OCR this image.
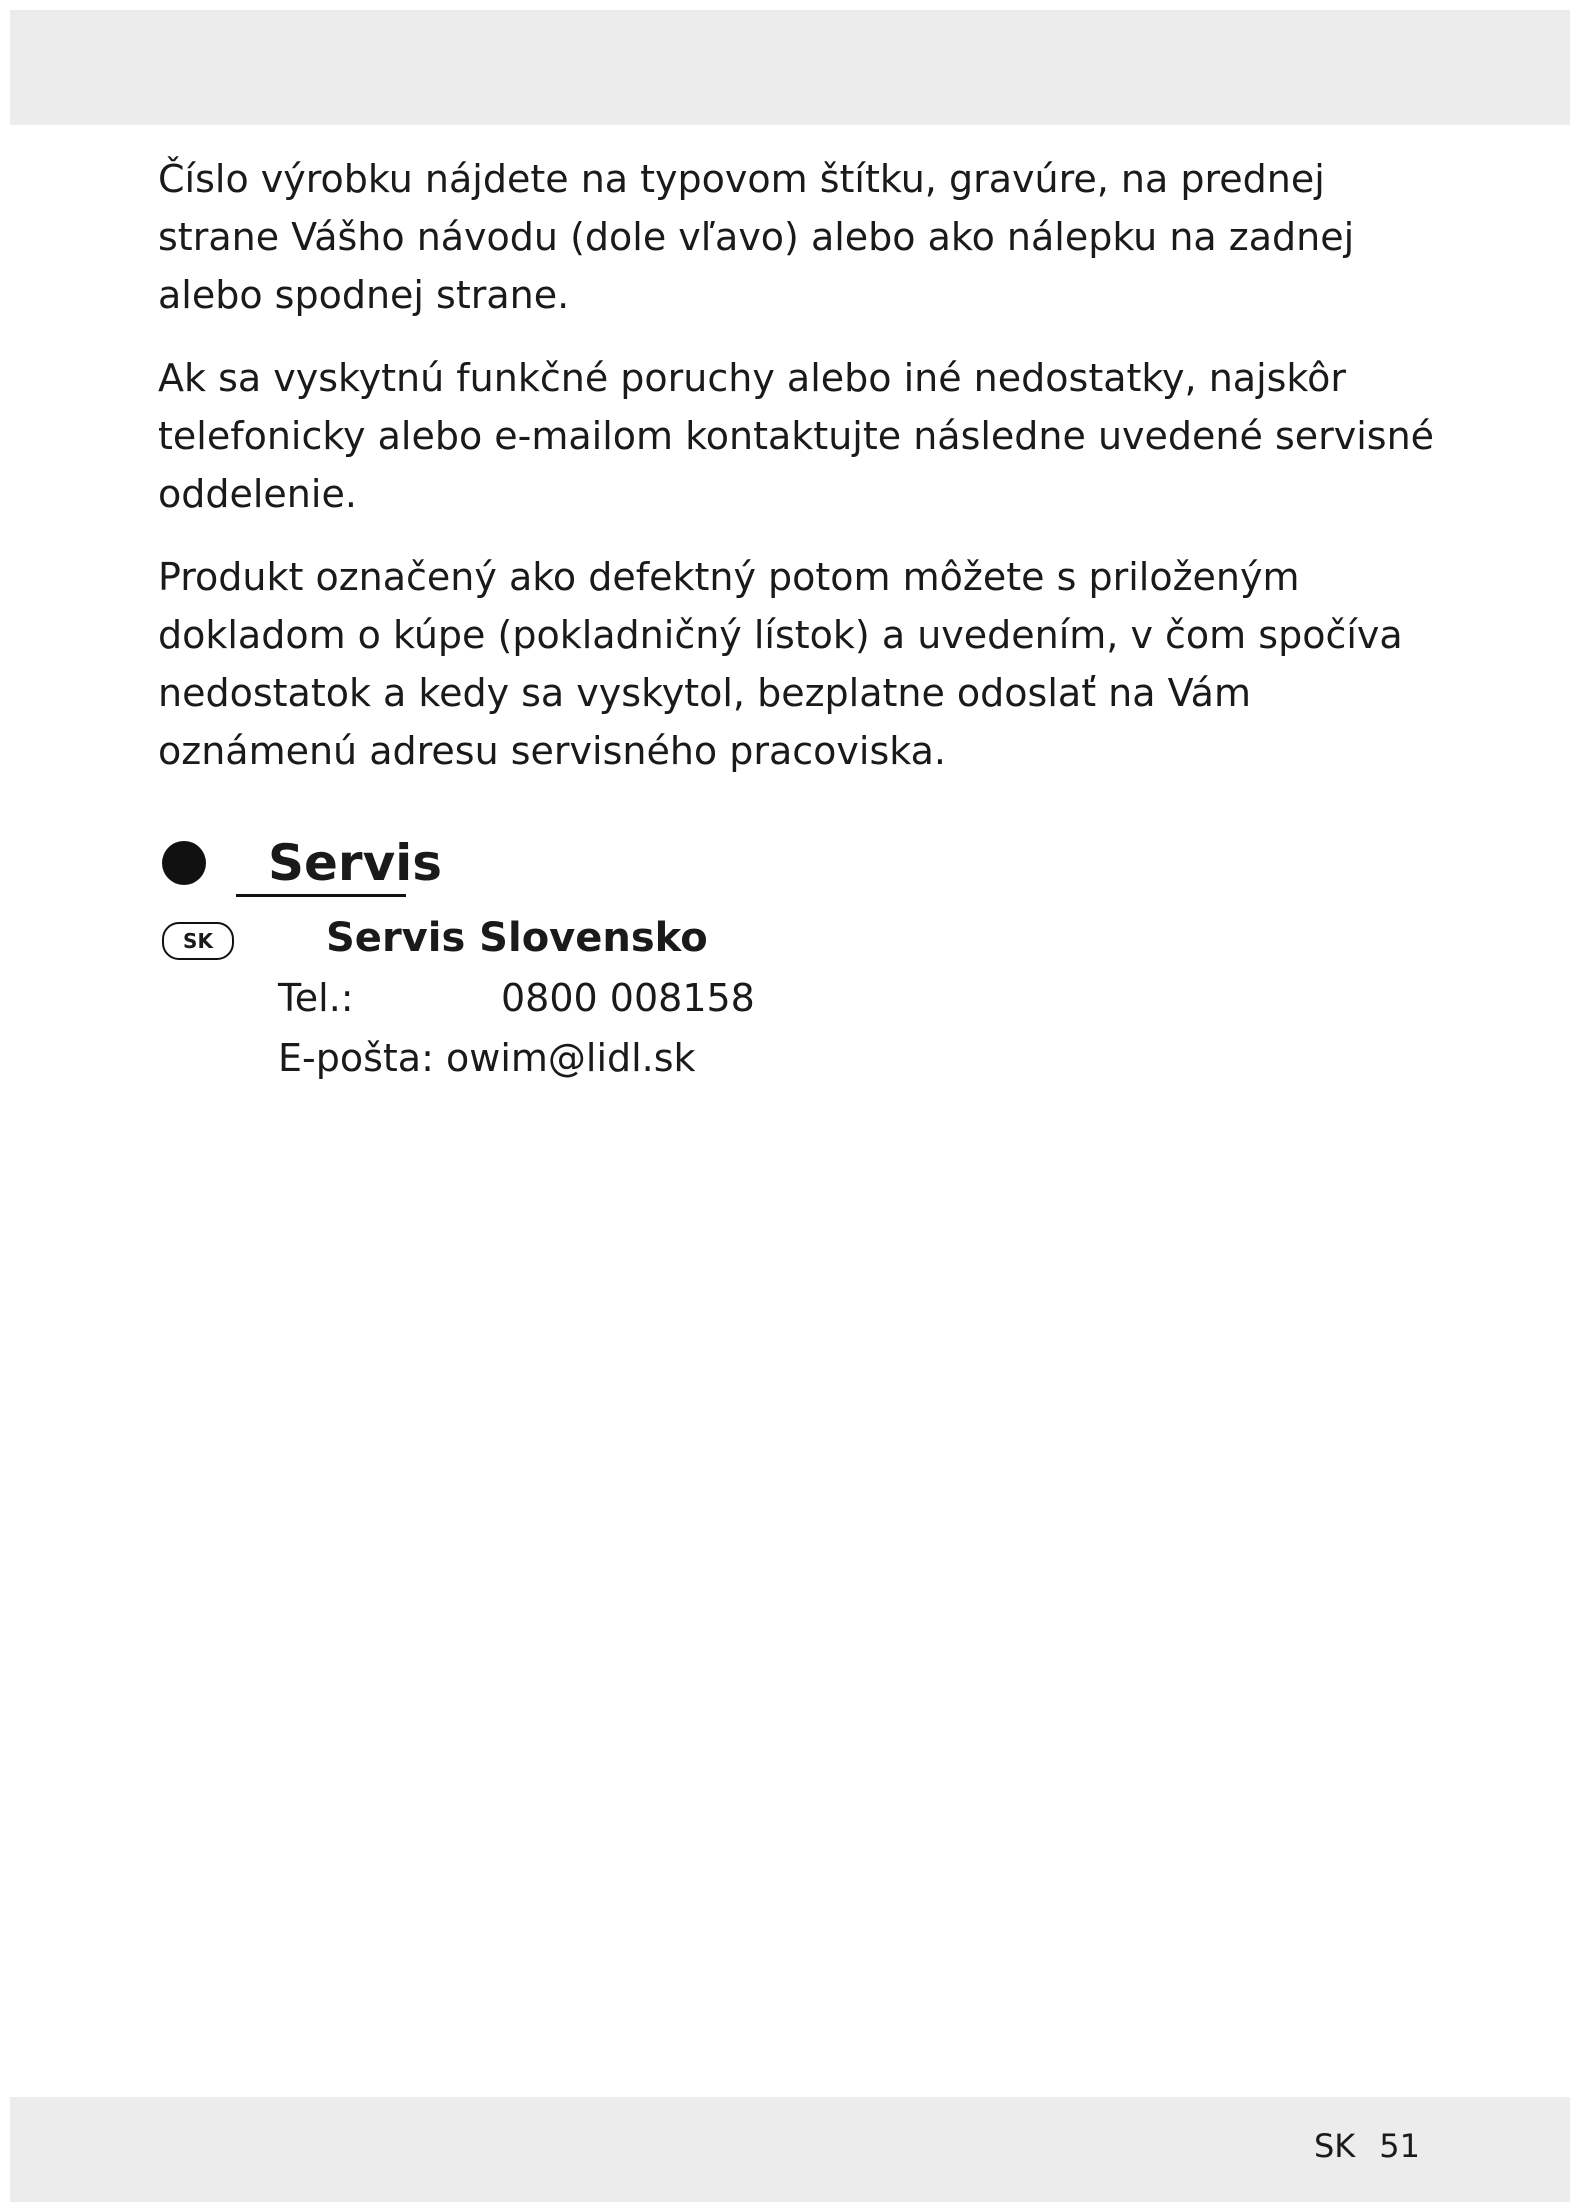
Číslo výrobku nájdete na typovom štítku, gravúre, na prednej strane Vášho návodu (dole vľavo) alebo ako nálepku na zadnej alebo spodnej strane.

Ak sa vyskytnú funkčné poruchy alebo iné nedostatky, najskôr telefonicky alebo e-mailom kontaktujte následne uvedené servisné oddelenie.

Produkt označený ako defektný potom môžete s priloženým dokladom o kúpe (pokladničný lístok) a uvedením, v čom spočíva nedostatok a kedy sa vyskytol, bezplatne odoslať na Vám oznámenú adresu servisného pracoviska.

Servis
SK	Servis Slovensko
Tel.:	0800 008158
E-pošta: owim@lidl.sk
SK 51
